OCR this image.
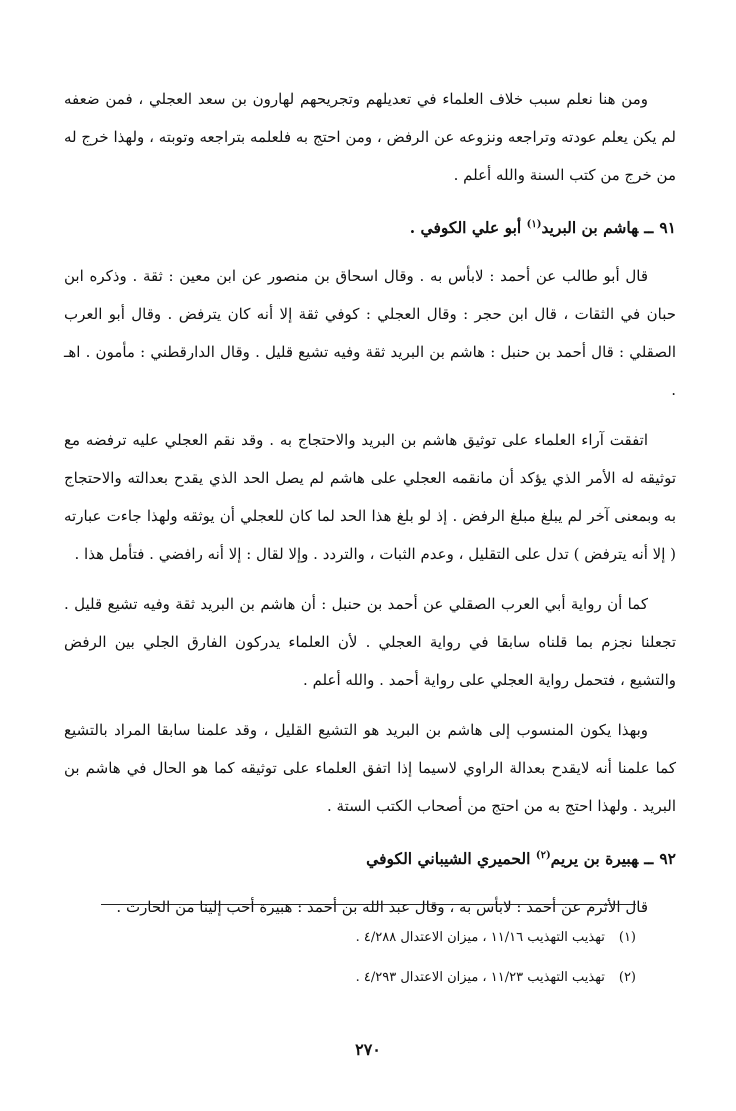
ومن هنا نعلم سبب خلاف العلماء في تعديلهم وتجريحهم لهارون بن سعد العجلي ، فمن ضعفه لم يكن يعلم عودته وتراجعه ونزوعه عن الرفض ، ومن احتج به فلعلمه بتراجعه وتوبته ، ولهذا خرج له من خرج من كتب السنة والله أعلم .

٩١ــهاشم بن البريد$^{(١)}$ أبو علي الكوفي .

قال أبو طالب عن أحمد : لابأس به . وقال اسحاق بن منصور عن ابن معين : ثقة . وذكره ابن حبان في الثقات ، قال ابن حجر : وقال العجلي : كوفي ثقة إلا أنه كان يترفض . وقال أبو العرب الصقلي : قال أحمد بن حنبل : هاشم بن البريد ثقة وفيه تشيع قليل . وقال الدارقطني : مأمون . اهـ .

اتفقت آراء العلماء على توثيق هاشم بن البريد والاحتجاج به . وقد نقم العجلي عليه ترفضه مع توثيقه له الأمر الذي يؤكد أن مانقمه العجلي على هاشم لم يصل الحد الذي يقدح بعدالته والاحتجاج به وبمعنى آخر لم يبلغ مبلغ الرفض . إذ لو بلغ هذا الحد لما كان للعجلي أن يوثقه ولهذا جاءت عبارته ( إلا أنه يترفض ) تدل على التقليل ، وعدم الثبات ، والتردد . وإلا لقال : إلا أنه رافضي . فتأمل هذا .

كما أن رواية أبي العرب الصقلي عن أحمد بن حنبل : أن هاشم بن البريد ثقة وفيه تشيع قليل . تجعلنا نجزم بما قلناه سابقا في رواية العجلي . لأن العلماء يدركون الفارق الجلي بين الرفض والتشيع ، فتحمل رواية العجلي على رواية أحمد . والله أعلم .

وبهذا يكون المنسوب إلى هاشم بن البريد هو التشيع القليل ، وقد علمنا سابقا المراد بالتشيع كما علمنا أنه لايقدح بعدالة الراوي لاسيما إذا اتفق العلماء على توثيقه كما هو الحال في هاشم بن البريد . ولهذا احتج به من احتج من أصحاب الكتب الستة .

٩٢ــهبيرة بن يريم$^{(٢)}$ الحميري الشيباني الكوفي

قال الأثرم عن أحمد : لابأس به ، وقال عبد الله بن أحمد : هبيرة أحب إلينا من الحارث .

(١)تهذيب التهذيب ١١/١٦ ، ميزان الاعتدال ٤/٢٨٨ .

(٢)تهذيب التهذيب ١١/٢٣ ، ميزان الاعتدال ٤/٢٩٣ .

٢٧٠
